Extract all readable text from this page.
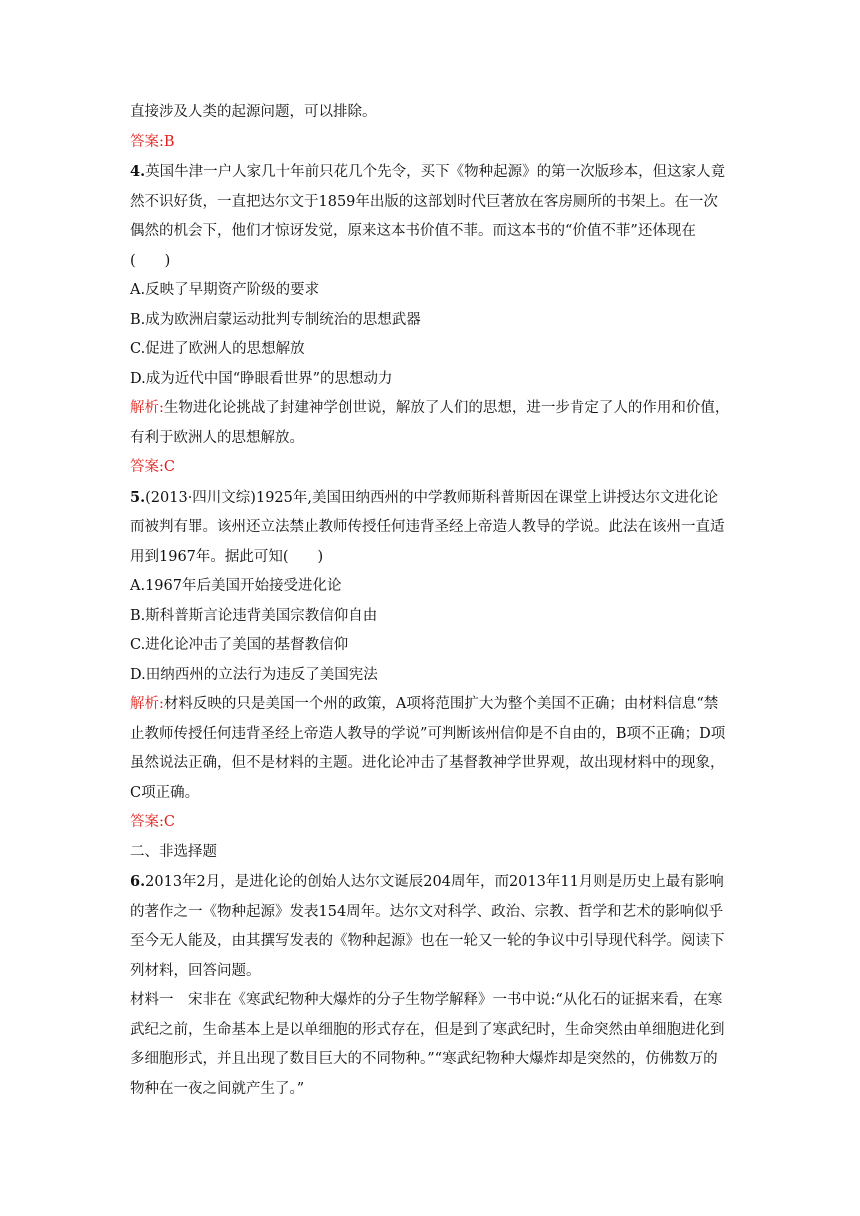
直接涉及人类的起源问题，可以排除。

答案:B

4.英国牛津一户人家几十年前只花几个先令，买下《物种起源》的第一次版珍本，但这家人竟然不识好货，一直把达尔文于1859年出版的这部划时代巨著放在客房厕所的书架上。在一次偶然的机会下，他们才惊讶发觉，原来这本书价值不菲。而这本书的“价值不菲”还体现在(　　)

A.反映了早期资产阶级的要求

B.成为欧洲启蒙运动批判专制统治的思想武器

C.促进了欧洲人的思想解放

D.成为近代中国“睁眼看世界”的思想动力

解析:生物进化论挑战了封建神学创世说，解放了人们的思想，进一步肯定了人的作用和价值，有利于欧洲人的思想解放。

答案:C

5.(2013·四川文综)1925年,美国田纳西州的中学教师斯科普斯因在课堂上讲授达尔文进化论而被判有罪。该州还立法禁止教师传授任何违背圣经上帝造人教导的学说。此法在该州一直适用到1967年。据此可知(　　)

A.1967年后美国开始接受进化论

B.斯科普斯言论违背美国宗教信仰自由

C.进化论冲击了美国的基督教信仰

D.田纳西州的立法行为违反了美国宪法

解析:材料反映的只是美国一个州的政策，A项将范围扩大为整个美国不正确；由材料信息“禁止教师传授任何违背圣经上帝造人教导的学说”可判断该州信仰是不自由的，B项不正确；D项虽然说法正确，但不是材料的主题。进化论冲击了基督教神学世界观，故出现材料中的现象，C项正确。

答案:C

二、非选择题

6.2013年2月，是进化论的创始人达尔文诞辰204周年，而2013年11月则是历史上最有影响的著作之一《物种起源》发表154周年。达尔文对科学、政治、宗教、哲学和艺术的影响似乎至今无人能及，由其撰写发表的《物种起源》也在一轮又一轮的争议中引导现代科学。阅读下列材料，回答问题。

材料一　宋非在《寒武纪物种大爆炸的分子生物学解释》一书中说:“从化石的证据来看，在寒武纪之前，生命基本上是以单细胞的形式存在，但是到了寒武纪时，生命突然由单细胞进化到多细胞形式，并且出现了数目巨大的不同物种。”“寒武纪物种大爆炸却是突然的，仿佛数万的物种在一夜之间就产生了。”
